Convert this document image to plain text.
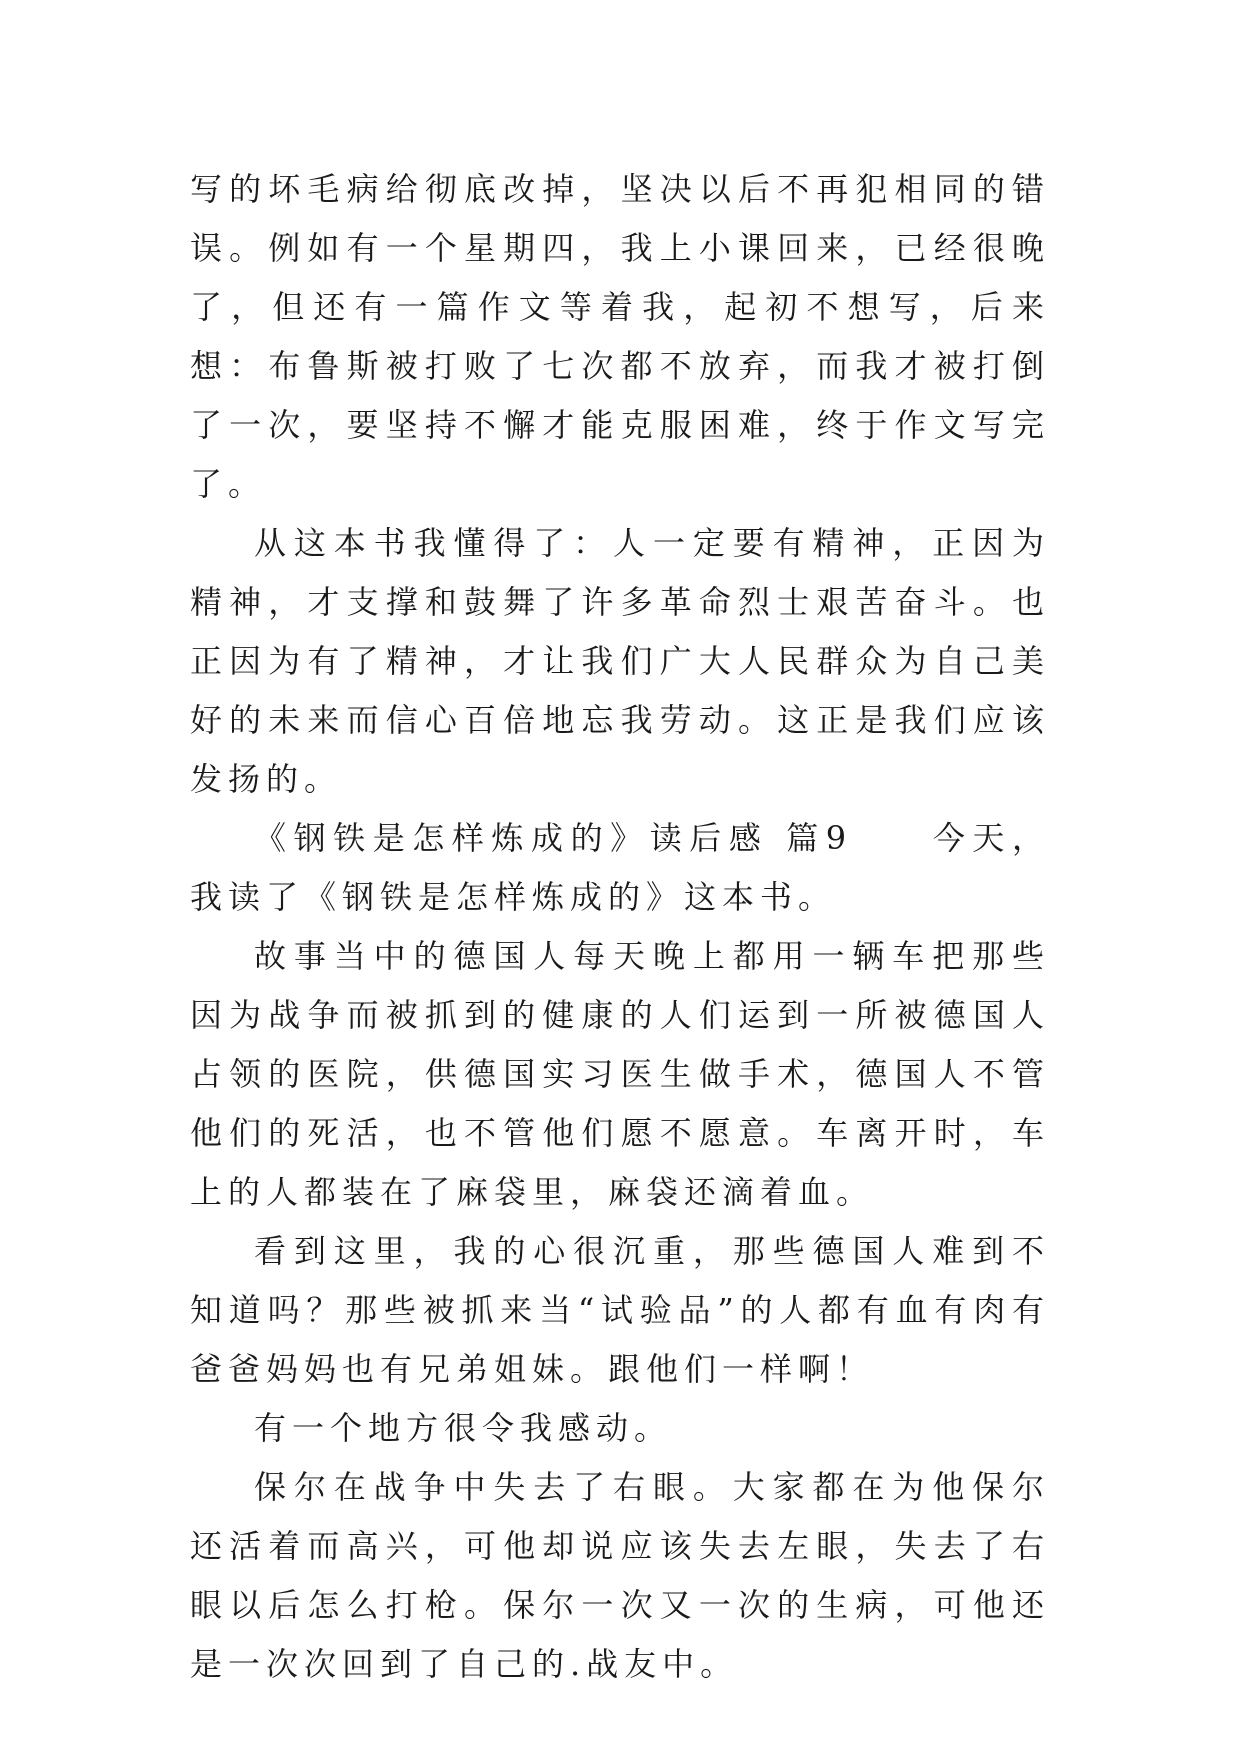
写的坏毛病给彻底改掉，坚决以后不再犯相同的错误。例如有一个星期四，我上小课回来，已经很晚了，但还有一篇作文等着我，起初不想写，后来想：布鲁斯被打败了七次都不放弃，而我才被打倒了一次，要坚持不懈才能克服困难，终于作文写完了。

从这本书我懂得了：人一定要有精神，正因为精神，才支撑和鼓舞了许多革命烈士艰苦奋斗。也正因为有了精神，才让我们广大人民群众为自己美好的未来而信心百倍地忘我劳动。这正是我们应该发扬的。

《钢铁是怎样炼成的》读后感 篇9　　今天，我读了《钢铁是怎样炼成的》这本书。

故事当中的德国人每天晚上都用一辆车把那些因为战争而被抓到的健康的人们运到一所被德国人占领的医院，供德国实习医生做手术，德国人不管他们的死活，也不管他们愿不愿意。车离开时，车上的人都装在了麻袋里，麻袋还滴着血。

看到这里，我的心很沉重，那些德国人难到不知道吗？那些被抓来当“试验品”的人都有血有肉有爸爸妈妈也有兄弟姐妹。跟他们一样啊！

有一个地方很令我感动。

保尔在战争中失去了右眼。大家都在为他保尔还活着而高兴，可他却说应该失去左眼，失去了右眼以后怎么打枪。保尔一次又一次的生病，可他还是一次次回到了自己的.战友中。
